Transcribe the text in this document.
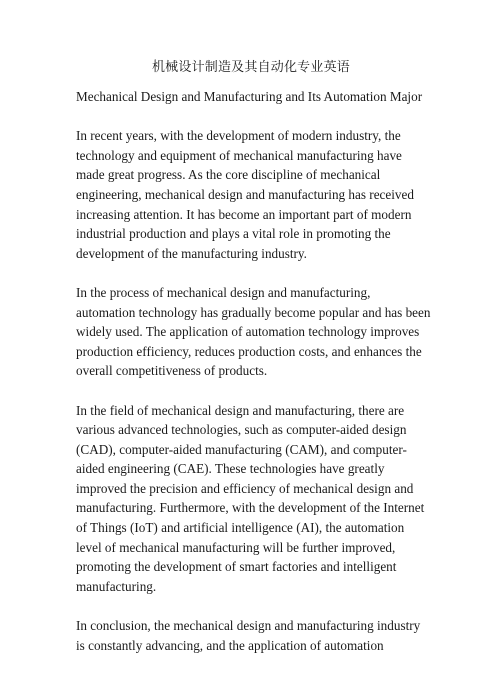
机械设计制造及其自动化专业英语

Mechanical Design and Manufacturing and Its Automation Major

In recent years, with the development of modern industry, the technology and equipment of mechanical manufacturing have made great progress. As the core discipline of mechanical engineering, mechanical design and manufacturing has received increasing attention. It has become an important part of modern industrial production and plays a vital role in promoting the development of the manufacturing industry.

In the process of mechanical design and manufacturing, automation technology has gradually become popular and has been widely used. The application of automation technology improves production efficiency, reduces production costs, and enhances the overall competitiveness of products.

In the field of mechanical design and manufacturing, there are various advanced technologies, such as computer-aided design (CAD), computer-aided manufacturing (CAM), and computer-aided engineering (CAE). These technologies have greatly improved the precision and efficiency of mechanical design and manufacturing. Furthermore, with the development of the Internet of Things (IoT) and artificial intelligence (AI), the automation level of mechanical manufacturing will be further improved, promoting the development of smart factories and intelligent manufacturing.

In conclusion, the mechanical design and manufacturing industry is constantly advancing, and the application of automation
